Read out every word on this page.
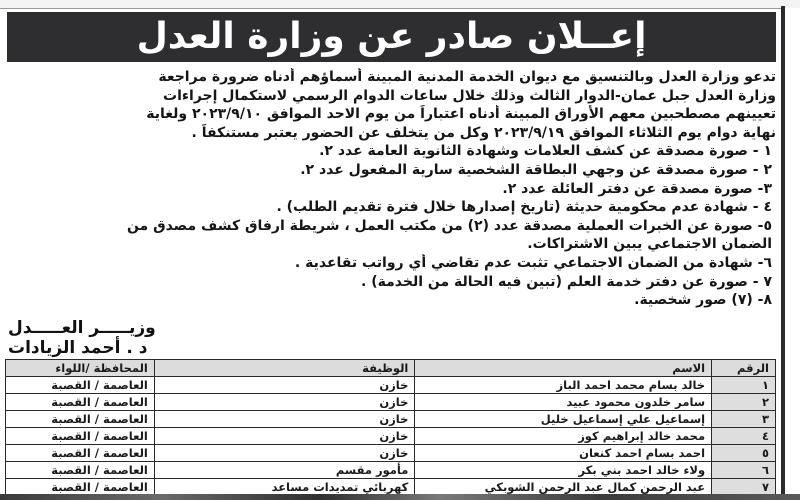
إعــلان صادر عن وزارة العدل

تدعو وزارة العدل وبالتنسيق مع ديوان الخدمة المدنية المبينة أسماؤهم أدناه ضرورة مراجعة

وزارة العدل جبل عمان-الدوار الثالث وذلك خلال ساعات الدوام الرسمي لاستكمال إجراءات

تعيينهم مصطحبين معهم الأوراق المبينة أدناه اعتباراً من يوم الاحد الموافق ٢٠٢٣/٩/١٠ ولغاية

نهاية دوام يوم الثلاثاء الموافق ٢٠٢٣/٩/١٩ وكل من يتخلف عن الحضور يعتبر مستنكفاً .

١ - صورة مصدقة عن كشف العلامات وشهادة الثانوية العامة عدد ٢.

٢ - صورة مصدقة عن وجهي البطاقة الشخصية سارية المفعول عدد ٢.

٣- صورة مصدقة عن دفتر العائلة عدد ٢.

٤ - شهادة عدم محكومية حديثة (تاريخ إصدارها خلال فترة تقديم الطلب) .

٥- صورة عن الخبرات العملية مصدقة عدد (٢) من مكتب العمل ، شريطة ارفاق كشف مصدق من

الضمان الاجتماعي يبين الاشتراكات.

٦- شهادة من الضمان الاجتماعي تثبت عدم تقاضي أي رواتب تقاعدية .

٧ - صورة عن دفتر خدمة العلم (تبين فيه الحالة من الخدمة) .

٨- (٧) صور شخصية.

وزيـــــر العـــــدل
د . أحمد الزيادات
الرقم	الاسم	الوظيفة	المحافظة /اللواء
١	خالد بسام محمد احمد الباز	خازن	العاصمة / القصبة
٢	سامر خلدون محمود عبيد	خازن	العاصمة / القصبة
٣	إسماعيل علي إسماعيل خليل	خازن	العاصمة / القصبة
٤	محمد خالد إبراهيم كوز	خازن	العاصمة / القصبة
٥	احمد بسام احمد كنعان	خازن	العاصمة / القصبة
٦	ولاء خالد احمد بني بكر	مأمور مقسم	العاصمة / القصبة
٧	عبد الرحمن كمال عبد الرحمن الشوبكي	كهربائي تمديدات مساعد	العاصمة / القصبة
